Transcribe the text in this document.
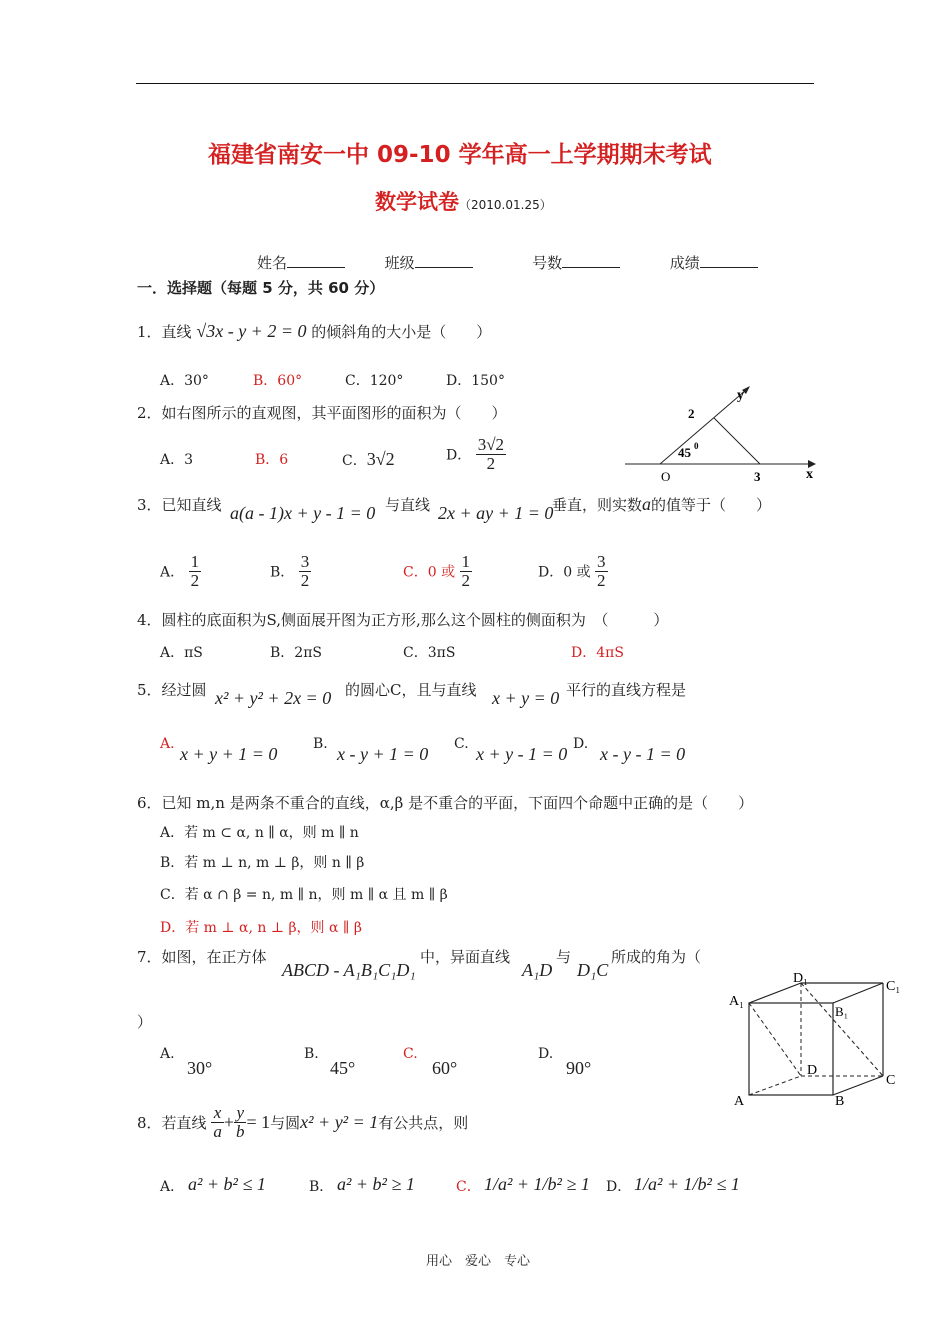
福建省南安一中 09-10 学年高一上学期期末考试
数学试卷（2010.01.25）
姓名	班级	号数	成绩
一．选择题（每题 5 分，共 60 分）
1．直线 √3x - y + 2 = 0 的倾斜角的大小是（　　）
A．30°	B．60°	C．120°	D．150°
2．如右图所示的直观图，其平面图形的面积为（　　）
A．3	B．6	C．3√2	D． $\frac{3√2}{2}$
y
x
2
45 0
O	3
3．已知直线 a(a - 1)x + y - 1 = 0 与直线 2x + ay + 1 = 0
垂直，则实数a的值等于（　　）
A． $\frac{1}{2}$	B． $\frac{3}{2}$	C．0 或 $\frac{1}{2}$	D．0 或 $\frac{3}{2}$
4．圆柱的底面积为S,侧面展开图为正方形,那么这个圆柱的侧面积为　（　　　）
A．πS	B．2πS	C．3πS	D．4πS
5．经过圆 x² + y² + 2x = 0 的圆心C，且与直线 x + y = 0 平行的直线方程是
A. x + y + 1 = 0	B. x - y + 1 = 0 C. x + y - 1 = 0 D. x - y - 1 = 0
6．已知 m,n 是两条不重合的直线，α,β 是不重合的平面，下面四个命题中正确的是（　　）
A．若 m ⊂ α, n ∥ α，则 m ∥ n
B．若 m ⊥ n, m ⊥ β，则 n ∥ β
C．若 α ∩ β = n, m ∥ n，则 m ∥ α 且 m ∥ β
D．若 m ⊥ α, n ⊥ β，则 α ∥ β
7．如图，在正方体
ABCD - A₁B₁C₁D₁
中，异面直线
A₁D
与
D₁C
所成的角为（
）
A.
30°
B.
45°
C.
60°
D.
90°
D₁
C₁
A₁
B₁
D
C
A	B
8．若直线 $\frac{x}{a} + \frac{y}{b} = 1$与圆x² + y² = 1有公共点，则
A． a² + b² ≤ 1	B． a² + b² ≥ 1	C． 1/a² + 1/b² ≥ 1 D． 1/a² + 1/b² ≤ 1
用心　爱心　专心
